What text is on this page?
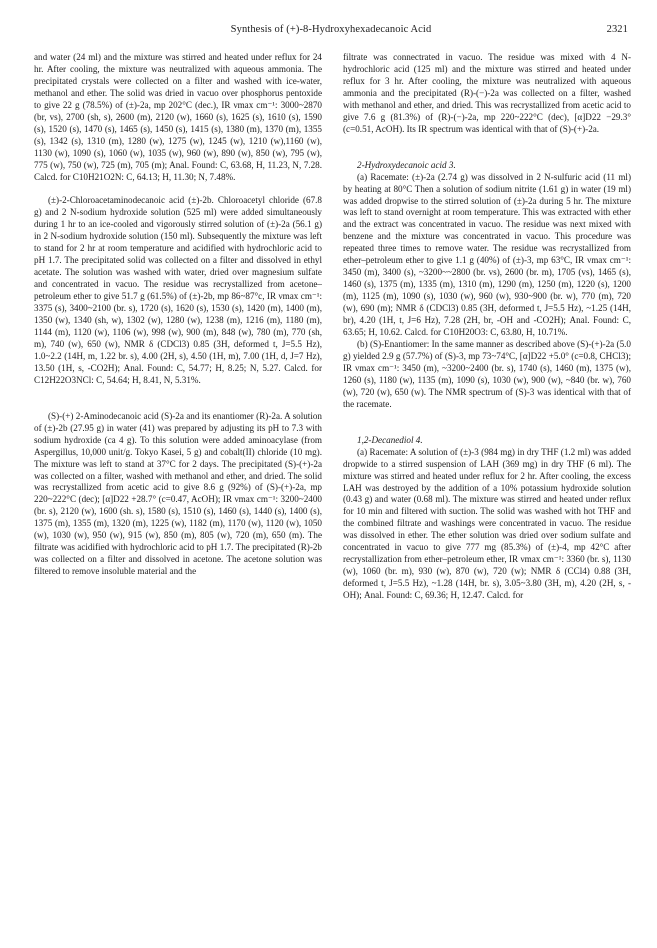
Synthesis of (+)-8-Hydroxyhexadecanoic Acid	2321

and water (24 ml) and the mixture was stirred and heated under reflux for 24 hr. After cooling, the mixture was neutralized with aqueous ammonia. The precipitated crystals were collected on a filter and washed with ice-water, methanol and ether. The solid was dried in vacuo over phosphorus pentoxide to give 22 g (78.5%) of (±)-2a, mp 202°C (dec.), IR νmax cm⁻¹: 3000~2870 (br, vs), 2700 (sh, s), 2600 (m), 2120 (w), 1660 (s), 1625 (s), 1610 (s), 1590 (s), 1520 (s), 1470 (s), 1465 (s), 1450 (s), 1415 (s), 1380 (m), 1370 (m), 1355 (s), 1342 (s), 1310 (m), 1280 (w), 1275 (w), 1245 (w), 1210 (w),1160 (w), 1130 (w), 1090 (s), 1060 (w), 1035 (w), 960 (w), 890 (w), 850 (w), 795 (w), 775 (w), 750 (w), 725 (m), 705 (m); Anal. Found: C, 63.68, H, 11.23, N, 7.28. Calcd. for C10H21O2N: C, 64.13; H, 11.30; N, 7.48%.

(±)-2-Chloroacetaminodecanoic acid (±)-2b. Chloroacetyl chloride (67.8 g) and 2 N-sodium hydroxide solution (525 ml) were added simultaneously during 1 hr to an ice-cooled and vigorously stirred solution of (±)-2a (56.1 g) in 2 N-sodium hydroxide solution (150 ml). Subsequently the mixture was left to stand for 2 hr at room temperature and acidified with hydrochloric acid to pH 1.7. The precipitated solid was collected on a filter and dissolved in ethyl acetate. The solution was washed with water, dried over magnesium sulfate and concentrated in vacuo. The residue was recrystallized from acetone–petroleum ether to give 51.7 g (61.5%) of (±)-2b, mp 86~87°c, IR νmax cm⁻¹: 3375 (s), 3400~2100 (br. s), 1720 (s), 1620 (s), 1530 (s), 1420 (m), 1400 (m), 1350 (w), 1340 (sh, w), 1302 (w), 1280 (w), 1238 (m), 1216 (m), 1180 (m), 1144 (m), 1120 (w), 1106 (w), 998 (w), 900 (m), 848 (w), 780 (m), 770 (sh, m), 740 (w), 650 (w), NMR δ (CDCl3) 0.85 (3H, deformed t, J=5.5 Hz), 1.0~2.2 (14H, m, 1.22 br. s), 4.00 (2H, s), 4.50 (1H, m), 7.00 (1H, d, J=7 Hz), 13.50 (1H, s, -CO2H); Anal. Found: C, 54.77; H, 8.25; N, 5.27. Calcd. for C12H22O3NCl: C, 54.64; H, 8.41, N, 5.31%.

(S)-(+) 2-Aminodecanoic acid (S)-2a and its enantiomer (R)-2a. A solution of (±)-2b (27.95 g) in water (41) was prepared by adjusting its pH to 7.3 with sodium hydroxide (ca 4 g). To this solution were added aminoacylase (from Aspergillus, 10,000 unit/g. Tokyo Kasei, 5 g) and cobalt(II) chloride (10 mg). The mixture was left to stand at 37°C for 2 days. The precipitated (S)-(+)-2a was collected on a filter, washed with methanol and ether, and dried. The solid was recrystallized from acetic acid to give 8.6 g (92%) of (S)-(+)-2a, mp 220~222°C (dec); [α]D22 +28.7° (c=0.47, AcOH); IR νmax cm⁻¹: 3200~2400 (br. s), 2120 (w), 1600 (sh. s), 1580 (s), 1510 (s), 1460 (s), 1440 (s), 1400 (s), 1375 (m), 1355 (m), 1320 (m), 1225 (w), 1182 (m), 1170 (w), 1120 (w), 1050 (w), 1030 (w), 950 (w), 915 (w), 850 (m), 805 (w), 720 (m), 650 (m). The filtrate was acidified with hydrochloric acid to pH 1.7. The precipitated (R)-2b was collected on a filter and dissolved in acetone. The acetone solution was filtered to remove insoluble material and the

filtrate was connectrated in vacuo. The residue was mixed with 4 N-hydrochloric acid (125 ml) and the mixture was stirred and heated under reflux for 3 hr. After cooling, the mixture was neutralized with aqueous ammonia and the precipitated (R)-(−)-2a was collected on a filter, washed with methanol and ether, and dried. This was recrystallized from acetic acid to give 7.6 g (81.3%) of (R)-(−)-2a, mp 220~222°C (dec), [α]D22 −29.3° (c=0.51, AcOH). Its IR spectrum was identical with that of (S)-(+)-2a.

2-Hydroxydecanoic acid 3.

(a) Racemate: (±)-2a (2.74 g) was dissolved in 2 N-sulfuric acid (11 ml) by heating at 80°C Then a solution of sodium nitrite (1.61 g) in water (19 ml) was added dropwise to the stirred solution of (±)-2a during 5 hr. The mixture was left to stand overnight at room temperature. This was extracted with ether and the extract was concentrated in vacuo. The residue was next mixed with benzene and the mixture was concentrated in vacuo. This procedure was repeated three times to remove water. The residue was recrystallized from ether–petroleum ether to give 1.1 g (40%) of (±)-3, mp 63°C, IR νmax cm⁻¹: 3450 (m), 3400 (s), ~3200~~2800 (br. vs), 2600 (br. m), 1705 (vs), 1465 (s), 1460 (s), 1375 (m), 1335 (m), 1310 (m), 1290 (m), 1250 (m), 1220 (s), 1200 (m), 1125 (m), 1090 (s), 1030 (w), 960 (w), 930~900 (br. w), 770 (m), 720 (w), 690 (m); NMR δ (CDCl3) 0.85 (3H, deformed t, J=5.5 Hz), ~1.25 (14H, br), 4.20 (1H, t, J=6 Hz), 7.28 (2H, br, -OH and -CO2H); Anal. Found: C, 63.65; H, 10.62. Calcd. for C10H20O3: C, 63.80, H, 10.71%.

(b) (S)-Enantiomer: In the same manner as described above (S)-(+)-2a (5.0 g) yielded 2.9 g (57.7%) of (S)-3, mp 73~74°C, [α]D22 +5.0° (c=0.8, CHCl3); IR νmax cm⁻¹: 3450 (m), ~3200~2400 (br. s), 1740 (s), 1460 (m), 1375 (w), 1260 (s), 1180 (w), 1135 (m), 1090 (s), 1030 (w), 900 (w), ~840 (br. w), 760 (w), 720 (w), 650 (w). The NMR spectrum of (S)-3 was identical with that of the racemate.

1,2-Decanediol 4.

(a) Racemate: A solution of (±)-3 (984 mg) in dry THF (1.2 ml) was added dropwide to a stirred suspension of LAH (369 mg) in dry THF (6 ml). The mixture was stirred and heated under reflux for 2 hr. After cooling, the excess LAH was destroyed by the addition of a 10% potassium hydroxide solution (0.43 g) and water (0.68 ml). The mixture was stirred and heated under reflux for 10 min and filtered with suction. The solid was washed with hot THF and the combined filtrate and washings were concentrated in vacuo. The residue was dissolved in ether. The ether solution was dried over sodium sulfate and concentrated in vacuo to give 777 mg (85.3%) of (±)-4, mp 42°C after recrystallization from ether–petroleum ether, IR νmax cm⁻¹: 3360 (br. s), 1130 (w), 1060 (br. m), 930 (w), 870 (w), 720 (w); NMR δ (CCl4) 0.88 (3H, deformed t, J=5.5 Hz), ~1.28 (14H, br. s), 3.05~3.80 (3H, m), 4.20 (2H, s, -OH); Anal. Found: C, 69.36; H, 12.47. Calcd. for
